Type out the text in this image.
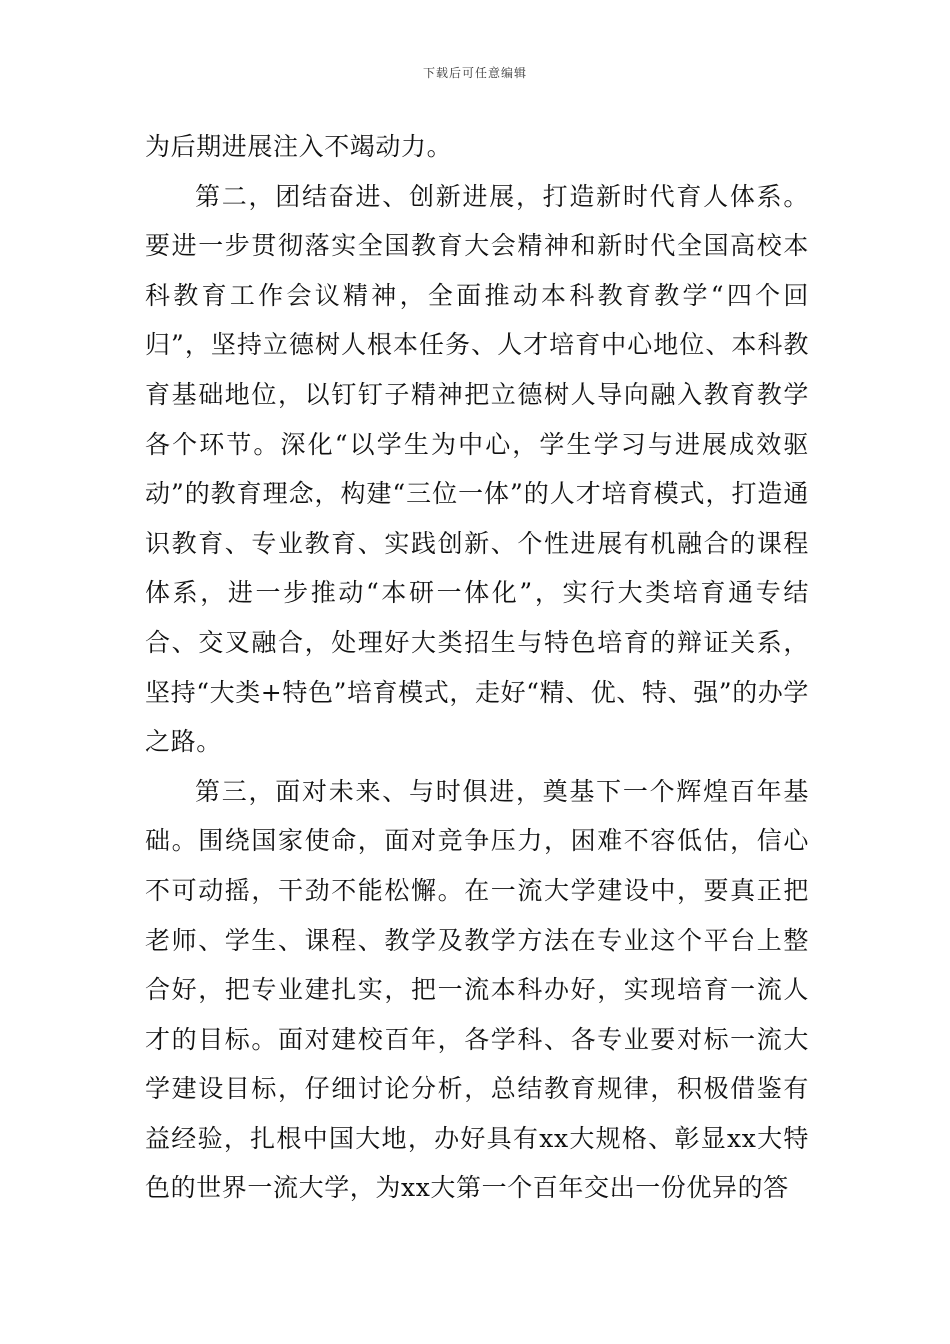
下载后可任意编辑

为后期进展注入不竭动力。

第二，团结奋进、创新进展，打造新时代育人体系。要进一步贯彻落实全国教育大会精神和新时代全国高校本科教育工作会议精神，全面推动本科教育教学“四个回归”，坚持立德树人根本任务、人才培育中心地位、本科教育基础地位，以钉钉子精神把立德树人导向融入教育教学各个环节。深化“以学生为中心，学生学习与进展成效驱动”的教育理念，构建“三位一体”的人才培育模式，打造通识教育、专业教育、实践创新、个性进展有机融合的课程体系，进一步推动“本研一体化”，实行大类培育通专结合、交叉融合，处理好大类招生与特色培育的辩证关系，坚持“大类+特色”培育模式，走好“精、优、特、强”的办学之路。

第三，面对未来、与时俱进，奠基下一个辉煌百年基础。围绕国家使命，面对竞争压力，困难不容低估，信心不可动摇，干劲不能松懈。在一流大学建设中，要真正把老师、学生、课程、教学及教学方法在专业这个平台上整合好，把专业建扎实，把一流本科办好，实现培育一流人才的目标。面对建校百年，各学科、各专业要对标一流大学建设目标，仔细讨论分析，总结教育规律，积极借鉴有益经验，扎根中国大地，办好具有xx大规格、彰显xx大特色的世界一流大学，为xx大第一个百年交出一份优异的答
